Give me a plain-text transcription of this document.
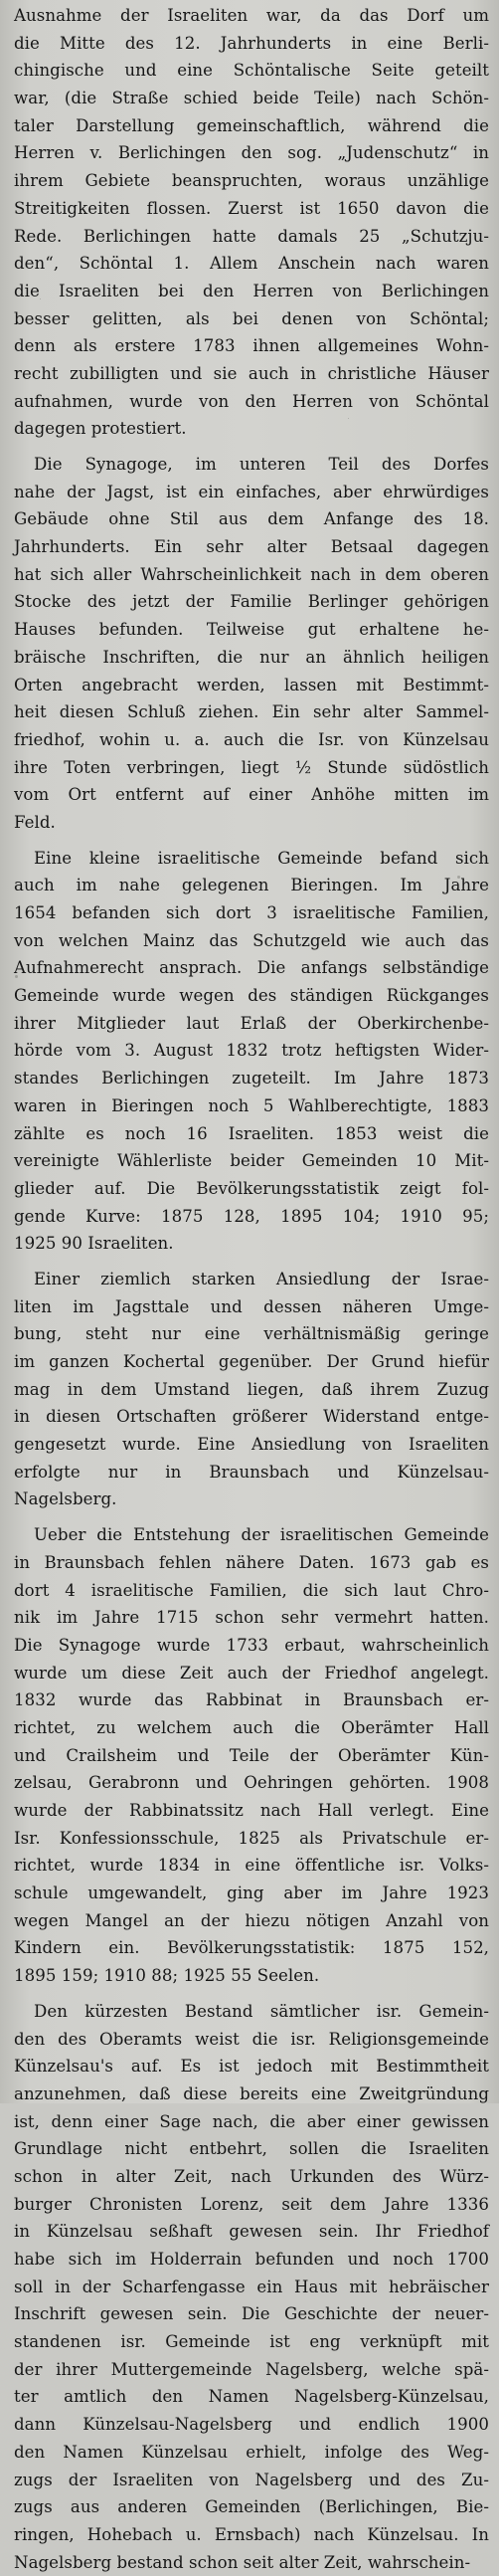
Ausnahme der Israeliten war, da das Dorf um
die Mitte des 12. Jahrhunderts in eine Berli-
chingische und eine Schöntalische Seite geteilt
war, (die Straße schied beide Teile) nach Schön-
taler Darstellung gemeinschaftlich, während die
Herren v. Berlichingen den sog. „Judenschutz“ in
ihrem Gebiete beanspruchten, woraus unzählige
Streitigkeiten flossen. Zuerst ist 1650 davon die
Rede. Berlichingen hatte damals 25 „Schutzju-
den“, Schöntal 1. Allem Anschein nach waren
die Israeliten bei den Herren von Berlichingen
besser gelitten, als bei denen von Schöntal;
denn als erstere 1783 ihnen allgemeines Wohn-
recht zubilligten und sie auch in christliche Häuser
aufnahmen, wurde von den Herren von Schöntal
dagegen protestiert.
Die Synagoge, im unteren Teil des Dorfes
nahe der Jagst, ist ein einfaches, aber ehrwürdiges
Gebäude ohne Stil aus dem Anfange des 18.
Jahrhunderts. Ein sehr alter Betsaal dagegen
hat sich aller Wahrscheinlichkeit nach in dem oberen
Stocke des jetzt der Familie Berlinger gehörigen
Hauses befunden. Teilweise gut erhaltene he-
bräische Inschriften, die nur an ähnlich heiligen
Orten angebracht werden, lassen mit Bestimmt-
heit diesen Schluß ziehen. Ein sehr alter Sammel-
friedhof, wohin u. a. auch die Isr. von Künzelsau
ihre Toten verbringen, liegt ½ Stunde südöstlich
vom Ort entfernt auf einer Anhöhe mitten im
Feld.
Eine kleine israelitische Gemeinde befand sich
auch im nahe gelegenen Bieringen. Im Jahre
1654 befanden sich dort 3 israelitische Familien,
von welchen Mainz das Schutzgeld wie auch das
Aufnahmerecht ansprach. Die anfangs selbständige
Gemeinde wurde wegen des ständigen Rückganges
ihrer Mitglieder laut Erlaß der Oberkirchenbe-
hörde vom 3. August 1832 trotz heftigsten Wider-
standes Berlichingen zugeteilt. Im Jahre 1873
waren in Bieringen noch 5 Wahlberechtigte, 1883
zählte es noch 16 Israeliten. 1853 weist die
vereinigte Wählerliste beider Gemeinden 10 Mit-
glieder auf. Die Bevölkerungsstatistik zeigt fol-
gende Kurve: 1875 128, 1895 104; 1910 95;
1925 90 Israeliten.
Einer ziemlich starken Ansiedlung der Israe-
liten im Jagsttale und dessen näheren Umge-
bung, steht nur eine verhältnismäßig geringe
im ganzen Kochertal gegenüber. Der Grund hiefür
mag in dem Umstand liegen, daß ihrem Zuzug
in diesen Ortschaften größerer Widerstand entge-
gengesetzt wurde. Eine Ansiedlung von Israeliten
erfolgte nur in Braunsbach und Künzelsau-
Nagelsberg.
Ueber die Entstehung der israelitischen Gemeinde
in Braunsbach fehlen nähere Daten. 1673 gab es
dort 4 israelitische Familien, die sich laut Chro-
nik im Jahre 1715 schon sehr vermehrt hatten.
Die Synagoge wurde 1733 erbaut, wahrscheinlich
wurde um diese Zeit auch der Friedhof angelegt.
1832 wurde das Rabbinat in Braunsbach er-
richtet, zu welchem auch die Oberämter Hall
und Crailsheim und Teile der Oberämter Kün-
zelsau, Gerabronn und Oehringen gehörten. 1908
wurde der Rabbinatssitz nach Hall verlegt. Eine
Isr. Konfessionsschule, 1825 als Privatschule er-
richtet, wurde 1834 in eine öffentliche isr. Volks-
schule umgewandelt, ging aber im Jahre 1923
wegen Mangel an der hiezu nötigen Anzahl von
Kindern ein. Bevölkerungsstatistik: 1875 152,
1895 159; 1910 88; 1925 55 Seelen.
Den kürzesten Bestand sämtlicher isr. Gemein-
den des Oberamts weist die isr. Religionsgemeinde
Künzelsau's auf. Es ist jedoch mit Bestimmtheit
anzunehmen, daß diese bereits eine Zweitgründung
ist, denn einer Sage nach, die aber einer gewissen
Grundlage nicht entbehrt, sollen die Israeliten
schon in alter Zeit, nach Urkunden des Würz-
burger Chronisten Lorenz, seit dem Jahre 1336
in Künzelsau seßhaft gewesen sein. Ihr Friedhof
habe sich im Holderrain befunden und noch 1700
soll in der Scharfengasse ein Haus mit hebräischer
Inschrift gewesen sein. Die Geschichte der neuer-
standenen isr. Gemeinde ist eng verknüpft mit
der ihrer Muttergemeinde Nagelsberg, welche spä-
ter amtlich den Namen Nagelsberg-Künzelsau,
dann Künzelsau-Nagelsberg und endlich 1900
den Namen Künzelsau erhielt, infolge des Weg-
zugs der Israeliten von Nagelsberg und des Zu-
zugs aus anderen Gemeinden (Berlichingen, Bie-
ringen, Hohebach u. Ernsbach) nach Künzelsau. In
Nagelsberg bestand schon seit alter Zeit, wahrschein-
